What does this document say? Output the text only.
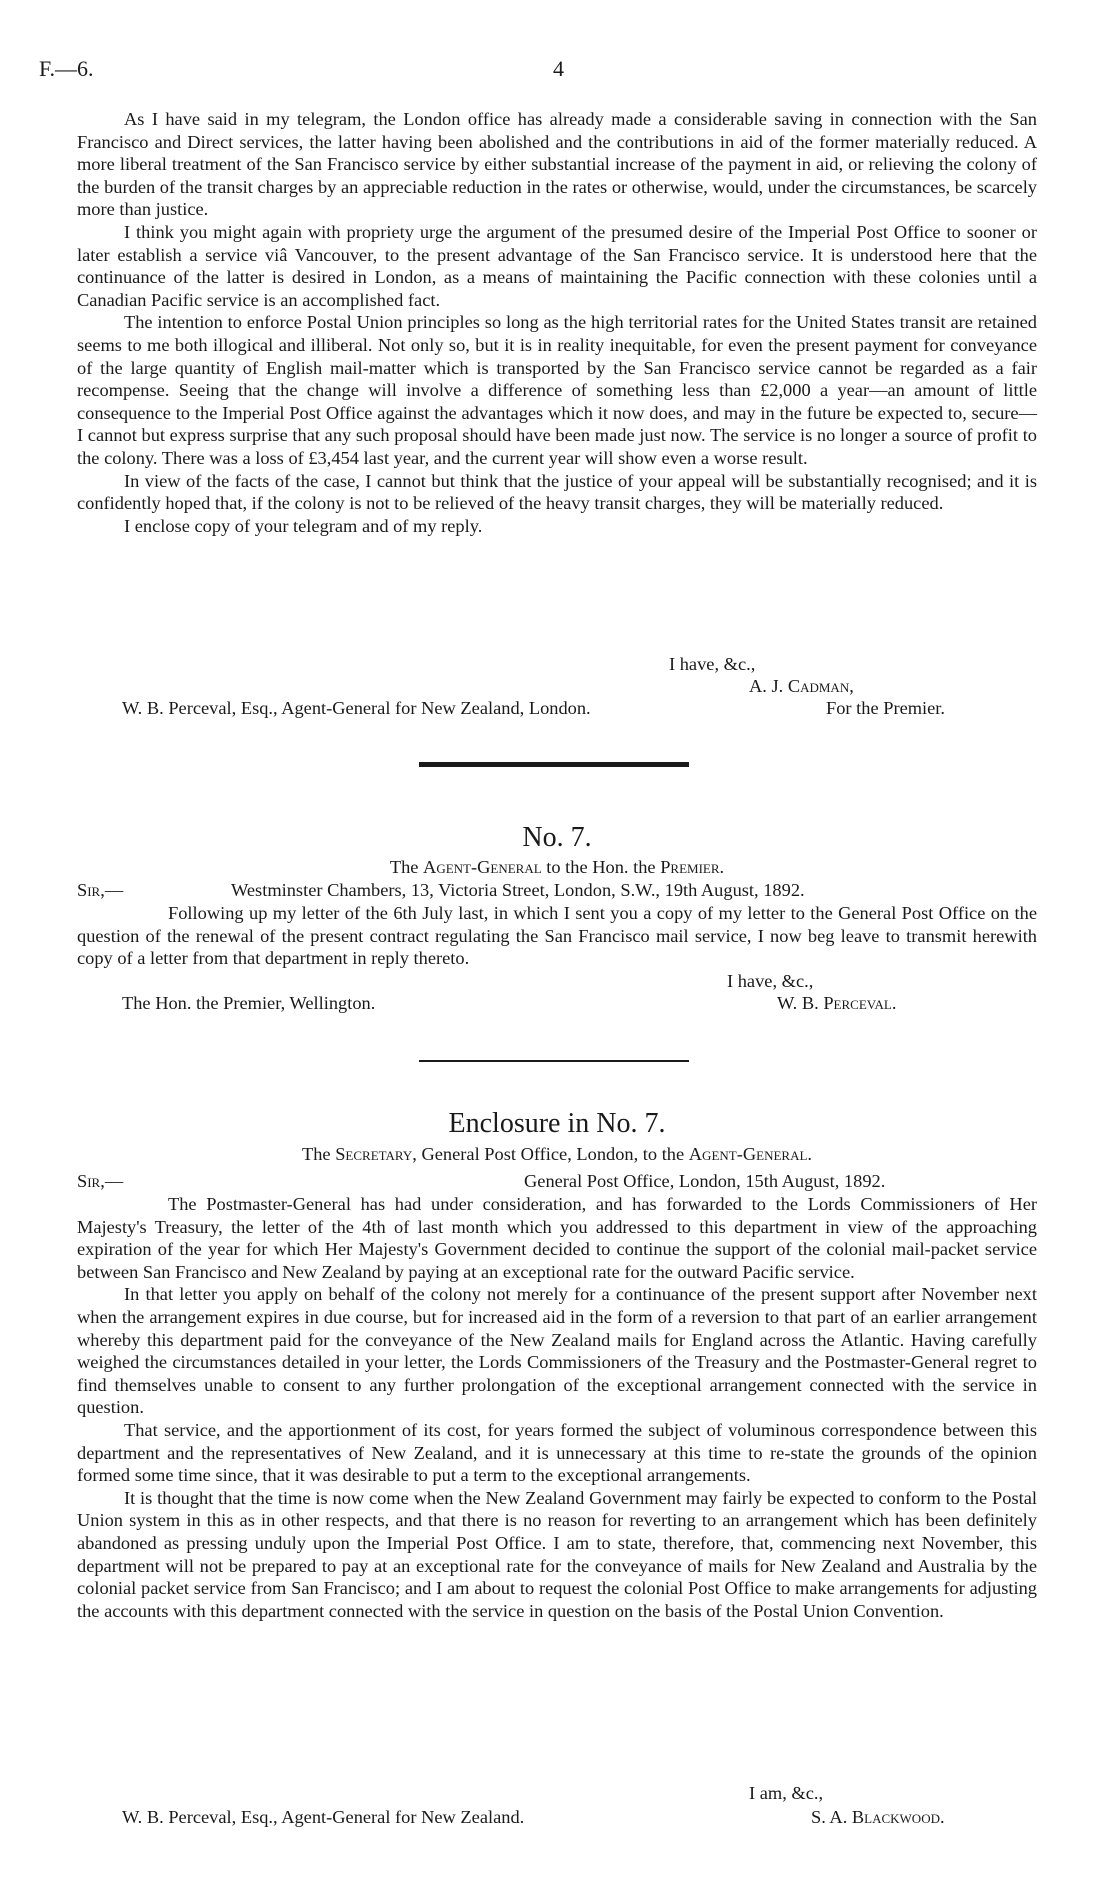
F.—6.	4

As I have said in my telegram, the London office has already made a considerable saving in connection with the San Francisco and Direct services, the latter having been abolished and the contributions in aid of the former materially reduced. A more liberal treatment of the San Francisco service by either substantial increase of the payment in aid, or relieving the colony of the burden of the transit charges by an appreciable reduction in the rates or otherwise, would, under the circumstances, be scarcely more than justice.

I think you might again with propriety urge the argument of the presumed desire of the Imperial Post Office to sooner or later establish a service viâ Vancouver, to the present advantage of the San Francisco service. It is understood here that the continuance of the latter is desired in London, as a means of maintaining the Pacific connection with these colonies until a Canadian Pacific service is an accomplished fact.

The intention to enforce Postal Union principles so long as the high territorial rates for the United States transit are retained seems to me both illogical and illiberal. Not only so, but it is in reality inequitable, for even the present payment for conveyance of the large quantity of English mail-matter which is transported by the San Francisco service cannot be regarded as a fair recompense. Seeing that the change will involve a difference of something less than £2,000 a year—an amount of little consequence to the Imperial Post Office against the advantages which it now does, and may in the future be expected to, secure—I cannot but express surprise that any such proposal should have been made just now. The service is no longer a source of profit to the colony. There was a loss of £3,454 last year, and the current year will show even a worse result.

In view of the facts of the case, I cannot but think that the justice of your appeal will be substantially recognised; and it is confidently hoped that, if the colony is not to be relieved of the heavy transit charges, they will be materially reduced.

I enclose copy of your telegram and of my reply.

I have, &c.,
A. J. Cadman,
W. B. Perceval, Esq., Agent-General for New Zealand, London.	For the Premier.
No. 7.
The Agent-General to the Hon. the Premier.
Sir,—	Westminster Chambers, 13, Victoria Street, London, S.W., 19th August, 1892.

Following up my letter of the 6th July last, in which I sent you a copy of my letter to the General Post Office on the question of the renewal of the present contract regulating the San Francisco mail service, I now beg leave to transmit herewith copy of a letter from that department in reply thereto.

I have, &c.,
The Hon. the Premier, Wellington.	W. B. Perceval.
Enclosure in No. 7.
The Secretary, General Post Office, London, to the Agent-General.
Sir,—	General Post Office, London, 15th August, 1892.

The Postmaster-General has had under consideration, and has forwarded to the Lords Commissioners of Her Majesty's Treasury, the letter of the 4th of last month which you addressed to this department in view of the approaching expiration of the year for which Her Majesty's Government decided to continue the support of the colonial mail-packet service between San Francisco and New Zealand by paying at an exceptional rate for the outward Pacific service.

In that letter you apply on behalf of the colony not merely for a continuance of the present support after November next when the arrangement expires in due course, but for increased aid in the form of a reversion to that part of an earlier arrangement whereby this department paid for the conveyance of the New Zealand mails for England across the Atlantic. Having carefully weighed the circumstances detailed in your letter, the Lords Commissioners of the Treasury and the Postmaster-General regret to find themselves unable to consent to any further prolongation of the exceptional arrangement connected with the service in question.

That service, and the apportionment of its cost, for years formed the subject of voluminous correspondence between this department and the representatives of New Zealand, and it is unnecessary at this time to re-state the grounds of the opinion formed some time since, that it was desirable to put a term to the exceptional arrangements.

It is thought that the time is now come when the New Zealand Government may fairly be expected to conform to the Postal Union system in this as in other respects, and that there is no reason for reverting to an arrangement which has been definitely abandoned as pressing unduly upon the Imperial Post Office. I am to state, therefore, that, commencing next November, this department will not be prepared to pay at an exceptional rate for the conveyance of mails for New Zealand and Australia by the colonial packet service from San Francisco; and I am about to request the colonial Post Office to make arrangements for adjusting the accounts with this department connected with the service in question on the basis of the Postal Union Convention.

I am, &c.,
W. B. Perceval, Esq., Agent-General for New Zealand.	S. A. Blackwood.
